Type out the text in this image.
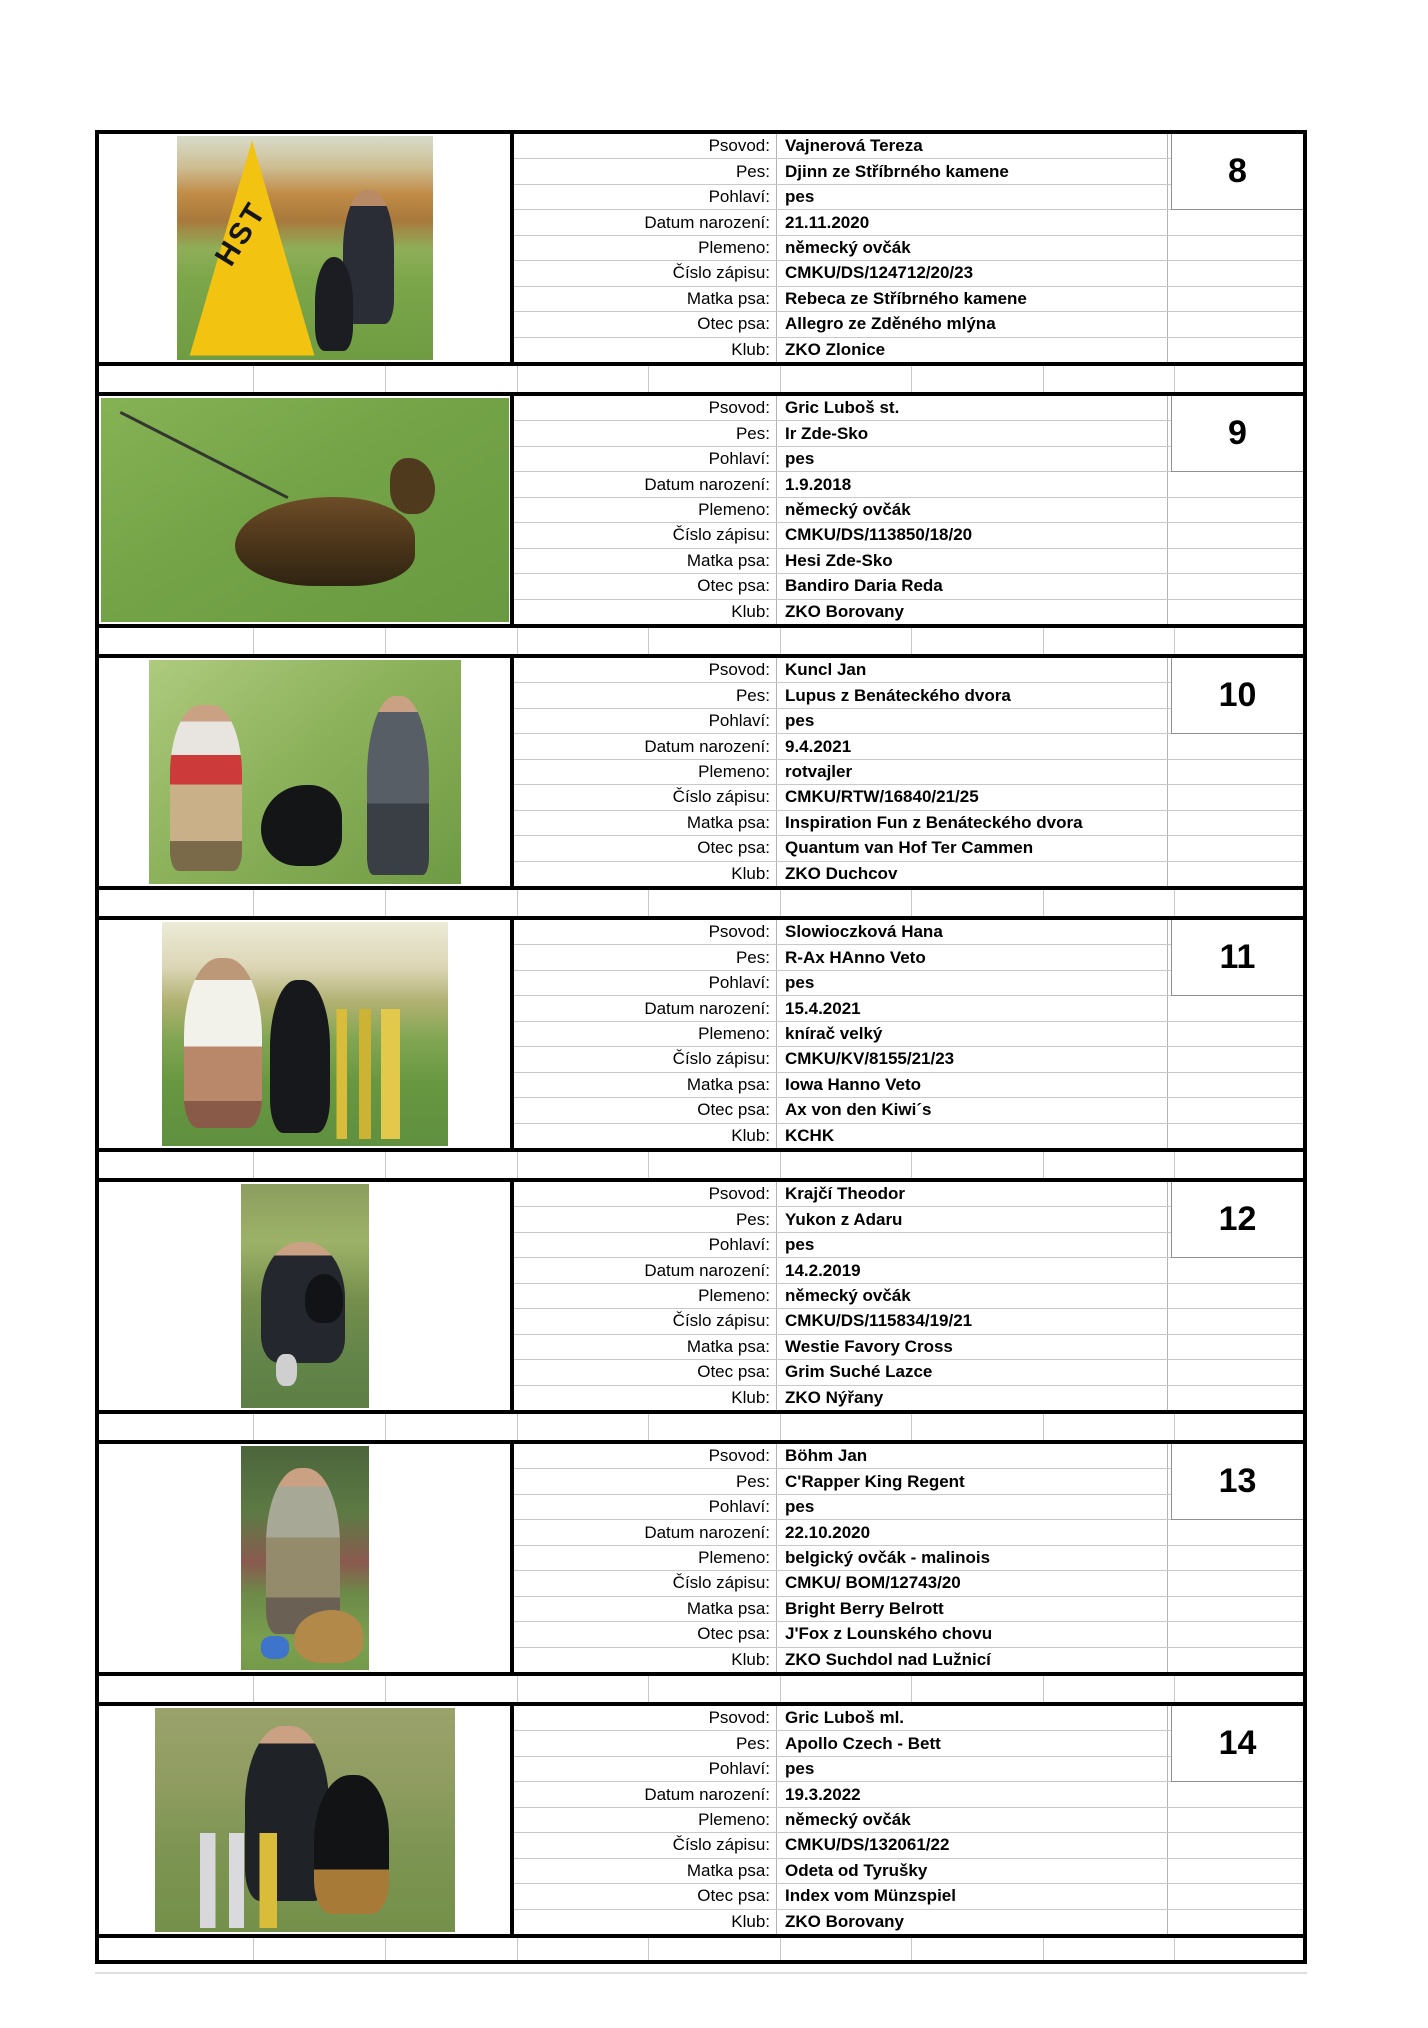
HST
8
Psovod: Vajnerová Tereza
Pes: Djinn ze Stříbrného kamene
Pohlaví: pes
Datum narození: 21.11.2020
Plemeno: německý ovčák
Číslo zápisu: CMKU/DS/124712/20/23
Matka psa: Rebeca ze Stříbrného kamene
Otec psa: Allegro ze Zděného mlýna
Klub: ZKO Zlonice
9
Psovod: Gric Luboš st.
Pes: Ir Zde-Sko
Pohlaví: pes
Datum narození: 1.9.2018
Plemeno: německý ovčák
Číslo zápisu: CMKU/DS/113850/18/20
Matka psa: Hesi Zde-Sko
Otec psa: Bandiro Daria Reda
Klub: ZKO Borovany
10
Psovod: Kuncl Jan
Pes: Lupus z Benáteckého dvora
Pohlaví: pes
Datum narození: 9.4.2021
Plemeno: rotvajler
Číslo zápisu: CMKU/RTW/16840/21/25
Matka psa: Inspiration Fun z Benáteckého dvora
Otec psa: Quantum van Hof Ter Cammen
Klub: ZKO Duchcov
11
Psovod: Slowioczková Hana
Pes: R-Ax HAnno Veto
Pohlaví: pes
Datum narození: 15.4.2021
Plemeno: knírač velký
Číslo zápisu: CMKU/KV/8155/21/23
Matka psa: Iowa Hanno Veto
Otec psa: Ax von den Kiwi´s
Klub: KCHK
12
Psovod: Krajčí Theodor
Pes: Yukon z Adaru
Pohlaví: pes
Datum narození: 14.2.2019
Plemeno: německý ovčák
Číslo zápisu: CMKU/DS/115834/19/21
Matka psa: Westie Favory Cross
Otec psa: Grim Suché Lazce
Klub: ZKO Nýřany
13
Psovod: Böhm Jan
Pes: C'Rapper King Regent
Pohlaví: pes
Datum narození: 22.10.2020
Plemeno: belgický ovčák - malinois
Číslo zápisu: CMKU/ BOM/12743/20
Matka psa: Bright Berry Belrott
Otec psa: J'Fox z Lounského chovu
Klub: ZKO Suchdol nad Lužnicí
14
Psovod: Gric Luboš ml.
Pes: Apollo Czech - Bett
Pohlaví: pes
Datum narození: 19.3.2022
Plemeno: německý ovčák
Číslo zápisu: CMKU/DS/132061/22
Matka psa: Odeta od Tyrušky
Otec psa: Index vom Münzspiel
Klub: ZKO Borovany
